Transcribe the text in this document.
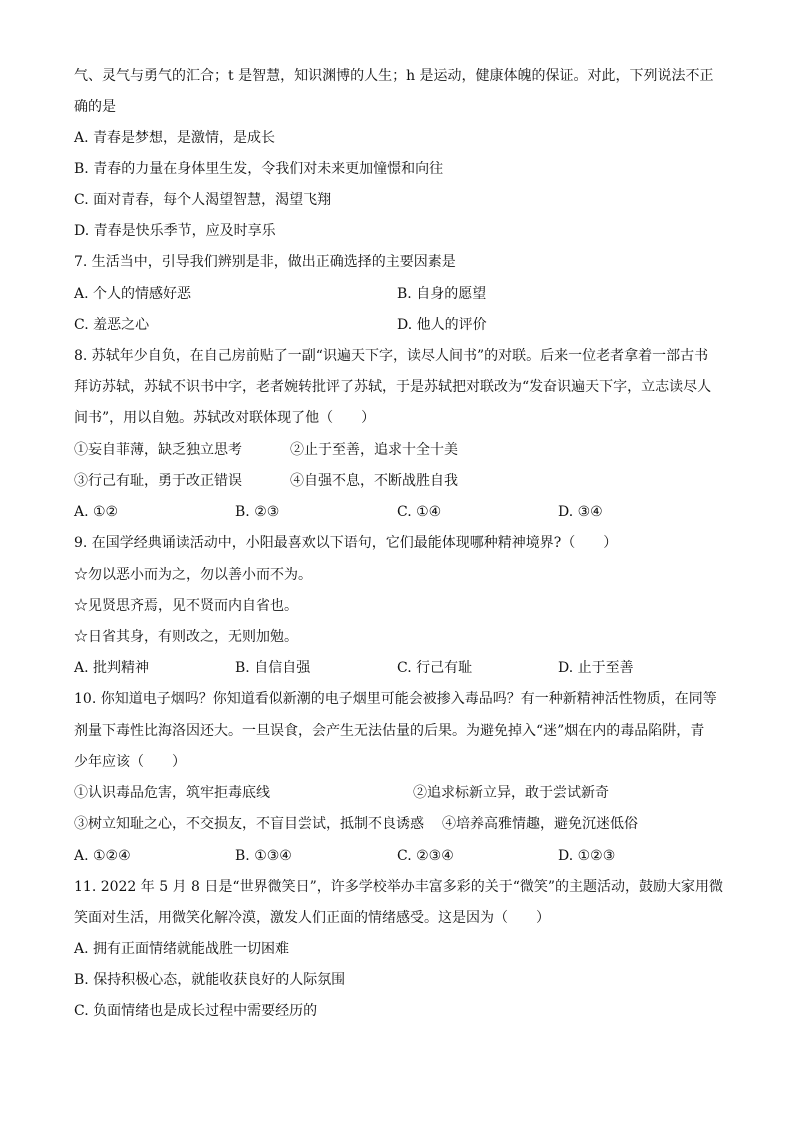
气、灵气与勇气的汇合；t 是智慧，知识渊博的人生；h 是运动，健康体魄的保证。对此，下列说法不正
确的是
A. 青春是梦想，是激情，是成长
B. 青春的力量在身体里生发，令我们对未来更加憧憬和向往
C. 面对青春，每个人渴望智慧，渴望飞翔
D. 青春是快乐季节，应及时享乐
7. 生活当中，引导我们辨别是非，做出正确选择的主要因素是
A. 个人的情感好恶	B. 自身的愿望
C. 羞恶之心	D. 他人的评价
8. 苏轼年少自负，在自己房前贴了一副“识遍天下字，读尽人间书”的对联。后来一位老者拿着一部古书
拜访苏轼，苏轼不识书中字，老者婉转批评了苏轼，于是苏轼把对联改为“发奋识遍天下字，立志读尽人
间书”，用以自勉。苏轼改对联体现了他（　　）
①妄自菲薄，缺乏独立思考	②止于至善，追求十全十美
③行己有耻，勇于改正错误	④自强不息，不断战胜自我
A. ①②	B. ②③	C. ①④	D. ③④
9. 在国学经典诵读活动中，小阳最喜欢以下语句，它们最能体现哪种精神境界?（　　）
☆勿以恶小而为之，勿以善小而不为。
☆见贤思齐焉，见不贤而内自省也。
☆日省其身，有则改之，无则加勉。
A. 批判精神	B. 自信自强	C. 行己有耻	D. 止于至善
10. 你知道电子烟吗？你知道看似新潮的电子烟里可能会被掺入毒品吗？有一种新精神活性物质，在同等
剂量下毒性比海洛因还大。一旦误食，会产生无法估量的后果。为避免掉入“迷”烟在内的毒品陷阱，青
少年应该（　　）
①认识毒品危害，筑牢拒毒底线	②追求标新立异，敢于尝试新奇
③树立知耻之心，不交损友，不盲目尝试，抵制不良诱惑 ④培养高雅情趣，避免沉迷低俗
A. ①②④	B. ①③④	C. ②③④	D. ①②③
11. 2022 年 5 月 8 日是“世界微笑日”，许多学校举办丰富多彩的关于“微笑”的主题活动，鼓励大家用微
笑面对生活，用微笑化解冷漠，激发人们正面的情绪感受。这是因为（　　）
A. 拥有正面情绪就能战胜一切困难
B. 保持积极心态，就能收获良好的人际氛围
C. 负面情绪也是成长过程中需要经历的
